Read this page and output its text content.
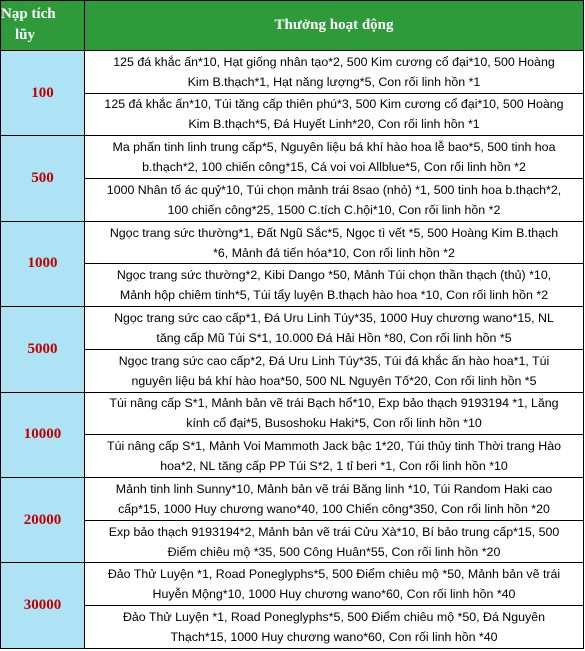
Nạp tích
lũy	Thưởng hoạt động
100	125 đá khắc ấn*10, Hạt giống nhân tạo*2, 500 Kim cương cổ đại*10, 500 Hoàng
Kim B.thạch*1, Hạt năng lượng*5, Con rối linh hồn *1

	125 đá khắc ấn*10, Túi tăng cấp thiên phú*3, 500 Kim cương cổ đại*10, 500 Hoàng
Kim B.thạch*5, Đá Huyết Linh*20, Con rối linh hồn *1

500	Ma phấn tinh linh trung cấp*5, Nguyên liệu bá khí hào hoa lễ bao*5, 500 tinh hoa
b.thạch*2, 100 chiến công*15, Cá voi voi Allblue*5, Con rối linh hồn *2

	1000 Nhân tố ác quỷ*10, Túi chọn mảnh trái 8sao (nhỏ) *1, 500 tinh hoa b.thạch*2,
100 chiến công*25, 1500 C.tích C.hội*10, Con rối linh hồn *2

1000	Ngọc trang sức thường*1, Đất Ngũ Sắc*5, Ngọc tì vết *5, 500 Hoàng Kim B.thạch
*6, Mảnh đá tiến hóa*10, Con rối linh hồn *2

	Ngọc trang sức thường*2, Kibi Dango *50, Mảnh Túi chọn thần thạch (thủ) *10,
Mảnh hộp chiêm tinh*5, Túi tẩy luyện B.thạch hào hoa *10, Con rối linh hồn *2

5000	Ngọc trang sức cao cấp*1, Đá Uru Linh Túy*35, 1000 Huy chương wano*15, NL
tăng cấp Mũ Túi S*1, 10.000 Đá Hải Hồn *80, Con rối linh hồn *5

	Ngọc trang sức cao cấp*2, Đá Uru Linh Túy*35, Túi đá khắc ấn hào hoa*1, Túi
nguyên liệu bá khí hào hoa*50, 500 NL Nguyên Tố*20, Con rối linh hồn *5

10000	Túi nâng cấp S*1, Mảnh bản vẽ trái Bạch hổ*10, Exp bảo thạch 9193194 *1, Lăng
kính cổ đại*5, Busoshoku Haki*5, Con rối linh hồn *10

	Túi nâng cấp S*1, Mảnh Voi Mammoth Jack bậc 1*20, Túi thủy tinh Thời trang Hào
hoa*2, NL tăng cấp PP Túi S*2, 1 tỉ beri *1, Con rối linh hồn *10

20000	Mảnh tinh linh Sunny*10, Mảnh bản vẽ trái Băng linh *10, Túi Random Haki cao
cấp*15, 1000 Huy chương wano*40, 100 Chiến công*350, Con rối linh hồn *20

	Exp bảo thạch 9193194*2, Mảnh bản vẽ trái Cửu Xà*10, Bí bảo trung cấp*15, 500
Điểm chiêu mộ *35, 500 Công Huân*55, Con rối linh hồn *20

30000	Đảo Thử Luyện *1, Road Poneglyphs*5, 500 Điểm chiêu mộ *50, Mảnh bản vẽ trái
Huyễn Mộng*10, 1000 Huy chương wano*60, Con rối linh hồn *40

	Đảo Thử Luyện *1, Road Poneglyphs*5, 500 Điểm chiêu mộ *50, Đá Nguyên
Thạch*15, 1000 Huy chương wano*60, Con rối linh hồn *40
